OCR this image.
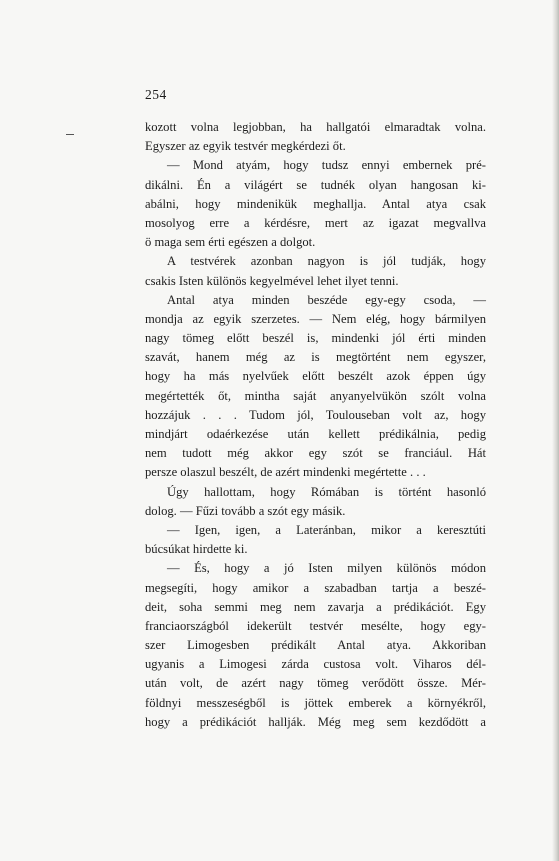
254
kozott volna legjobban, ha hallgatói elmaradtak volna.
Egyszer az egyik testvér megkérdezi őt.
— Mond atyám, hogy tudsz ennyi embernek pré-
dikálni. Én a világért se tudnék olyan hangosan ki-
abálni, hogy mindenikük meghallja. Antal atya csak
mosolyog erre a kérdésre, mert az igazat megvallva
ö maga sem érti egészen a dolgot.
A testvérek azonban nagyon is jól tudják, hogy
csakis Isten különös kegyelmével lehet ilyet tenni.
Antal atya minden beszéde egy-egy csoda, —
mondja az egyik szerzetes. — Nem elég, hogy bármilyen
nagy tömeg előtt beszél is, mindenki jól érti minden
szavát, hanem még az is megtörtént nem egyszer,
hogy ha más nyelvűek előtt beszélt azok éppen úgy
megértették őt, mintha saját anyanyelvükön szólt volna
hozzájuk . . . Tudom jól, Toulouseban volt az, hogy
mindjárt odaérkezése után kellett prédikálnia, pedig
nem tudott még akkor egy szót se franciául. Hát
persze olaszul beszélt, de azért mindenki megértette . . .
Úgy hallottam, hogy Rómában is történt hasonló
dolog. — Fűzi tovább a szót egy másik.
— Igen, igen, a Lateránban, mikor a keresztúti
búcsúkat hirdette ki.
— És, hogy a jó Isten milyen különös módon
megsegíti, hogy amikor a szabadban tartja a beszé-
deit, soha semmi meg nem zavarja a prédikációt. Egy
franciaországból idekerült testvér mesélte, hogy egy-
szer Limogesben prédikált Antal atya. Akkoriban
ugyanis a Limogesi zárda custosa volt. Viharos dél-
után volt, de azért nagy tömeg verődött össze. Mér-
földnyi messzeségből is jöttek emberek a környékről,
hogy a prédikációt hallják. Még meg sem kezdődött a
